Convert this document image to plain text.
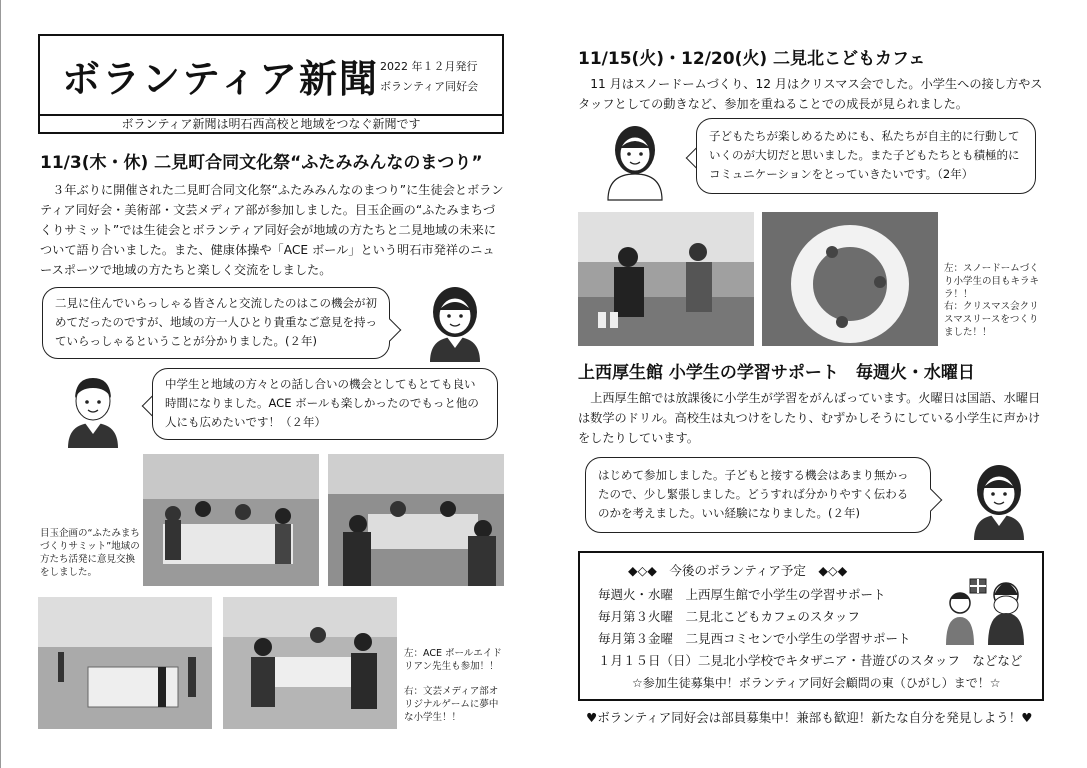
ボランティア新聞 2022 年１２月発行
ボランティア同好会
ボランティア新聞は明石西高校と地域をつなぐ新聞です
11/3(木・休) 二見町合同文化祭“ふたみみんなのまつり”
３年ぶりに開催された二見町合同文化祭“ふたみみんなのまつり”に生徒会とボランティア同好会・美術部・文芸メディア部が参加しました。目玉企画の“ふたみまちづくりサミット”では生徒会とボランティア同好会が地域の方たちと二見地域の未来について語り合いました。また、健康体操や「ACE ボール」という明石市発祥のニュースポーツで地域の方たちと楽しく交流をしました。
二見に住んでいらっしゃる皆さんと交流したのはこの機会が初めてだったのですが、地域の方一人ひとり貴重なご意見を持っていらっしゃるということが分かりました。(２年)
中学生と地域の方々との話し合いの機会としてもとても良い時間になりました。ACE ボールも楽しかったのでもっと他の人にも広めたいです！（２年）
目玉企画の“ふたみまちづくりサミット”地域の方たち活発に意見交換をしました。
左：ACE ボールエイドリアン先生も参加！！
右：文芸メディア部オリジナルゲームに夢中な小学生！！
11/15(火)・12/20(火) 二見北こどもカフェ
11 月はスノードームづくり、12 月はクリスマス会でした。小学生への接し方やスタッフとしての動きなど、参加を重ねることでの成長が見られました。
子どもたちが楽しめるためにも、私たちが自主的に行動していくのが大切だと思いました。また子どもたちとも積極的にコミュニケーションをとっていきたいです。（2年）
左：スノードームづくり小学生の目もキラキラ！！
右：クリスマス会クリスマスリースをつくりました！！
上西厚生館 小学生の学習サポート　毎週火・水曜日
上西厚生館では放課後に小学生が学習をがんばっています。火曜日は国語、水曜日は数学のドリル。高校生は丸つけをしたり、むずかしそうにしている小学生に声かけをしたりしています。
はじめて参加しました。子どもと接する機会はあまり無かったので、少し緊張しました。どうすれば分かりやすく伝わるのかを考えました。いい経験になりました。(２年)
◆◇◆　今後のボランティア予定　◆◇◆
毎週火・水曜　上西厚生館で小学生の学習サポート
毎月第３火曜　二見北こどもカフェのスタッフ
毎月第３金曜　二見西コミセンで小学生の学習サポート
１月１５日（日）二見北小学校でキタザニア・昔遊びのスタッフ　などなど
☆参加生徒募集中！ボランティア同好会顧問の東（ひがし）まで！☆
♥ボランティア同好会は部員募集中！兼部も歓迎！新たな自分を発見しよう！♥
